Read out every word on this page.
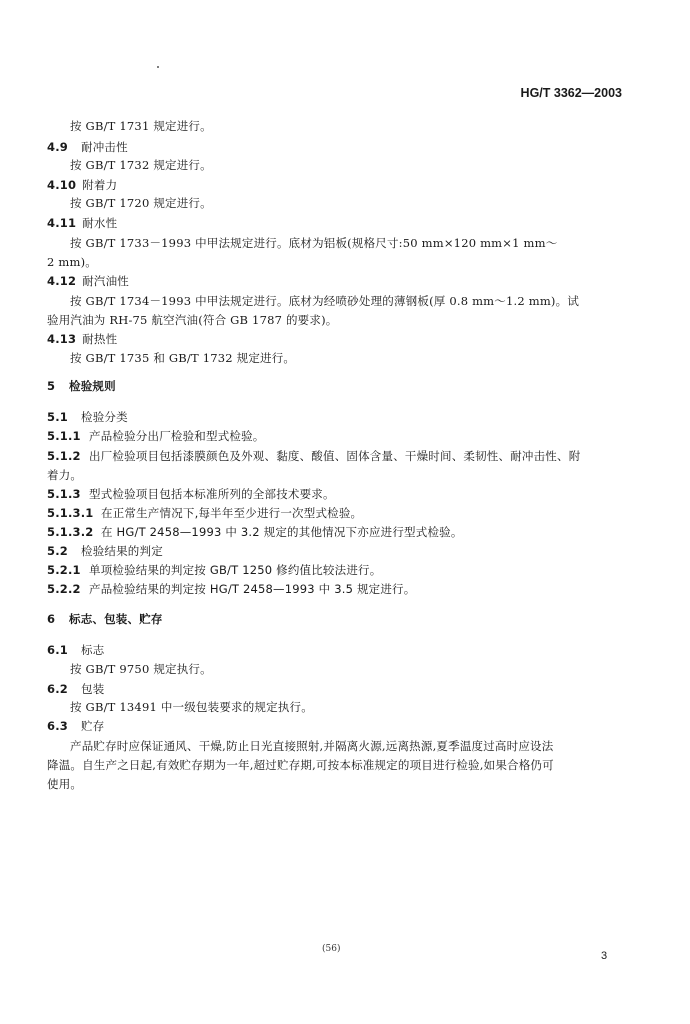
HG/T 3362—2003
按 GB/T 1731 规定进行。
4.9 耐冲击性
按 GB/T 1732 规定进行。
4.10 附着力
按 GB/T 1720 规定进行。
4.11 耐水性
按 GB/T 1733－1993 中甲法规定进行。底材为铝板(规格尺寸:50 mm×120 mm×1 mm～
2 mm)。
4.12 耐汽油性
按 GB/T 1734－1993 中甲法规定进行。底材为经喷砂处理的薄钢板(厚 0.8 mm～1.2 mm)。试
验用汽油为 RH-75 航空汽油(符合 GB 1787 的要求)。
4.13 耐热性
按 GB/T 1735 和 GB/T 1732 规定进行。
5 检验规则
5.1 检验分类
5.1.1 产品检验分出厂检验和型式检验。
5.1.2 出厂检验项目包括漆膜颜色及外观、黏度、酸值、固体含量、干燥时间、柔韧性、耐冲击性、附
着力。
5.1.3 型式检验项目包括本标准所列的全部技术要求。
5.1.3.1 在正常生产情况下,每半年至少进行一次型式检验。
5.1.3.2 在 HG/T 2458—1993 中 3.2 规定的其他情况下亦应进行型式检验。
5.2 检验结果的判定
5.2.1 单项检验结果的判定按 GB/T 1250 修约值比较法进行。
5.2.2 产品检验结果的判定按 HG/T 2458—1993 中 3.5 规定进行。
6 标志、包装、贮存
6.1 标志
按 GB/T 9750 规定执行。
6.2 包装
按 GB/T 13491 中一级包装要求的规定执行。
6.3 贮存
产品贮存时应保证通风、干燥,防止日光直接照射,并隔离火源,远离热源,夏季温度过高时应设法
降温。自生产之日起,有效贮存期为一年,超过贮存期,可按本标准规定的项目进行检验,如果合格仍可
使用。
(56)
3
